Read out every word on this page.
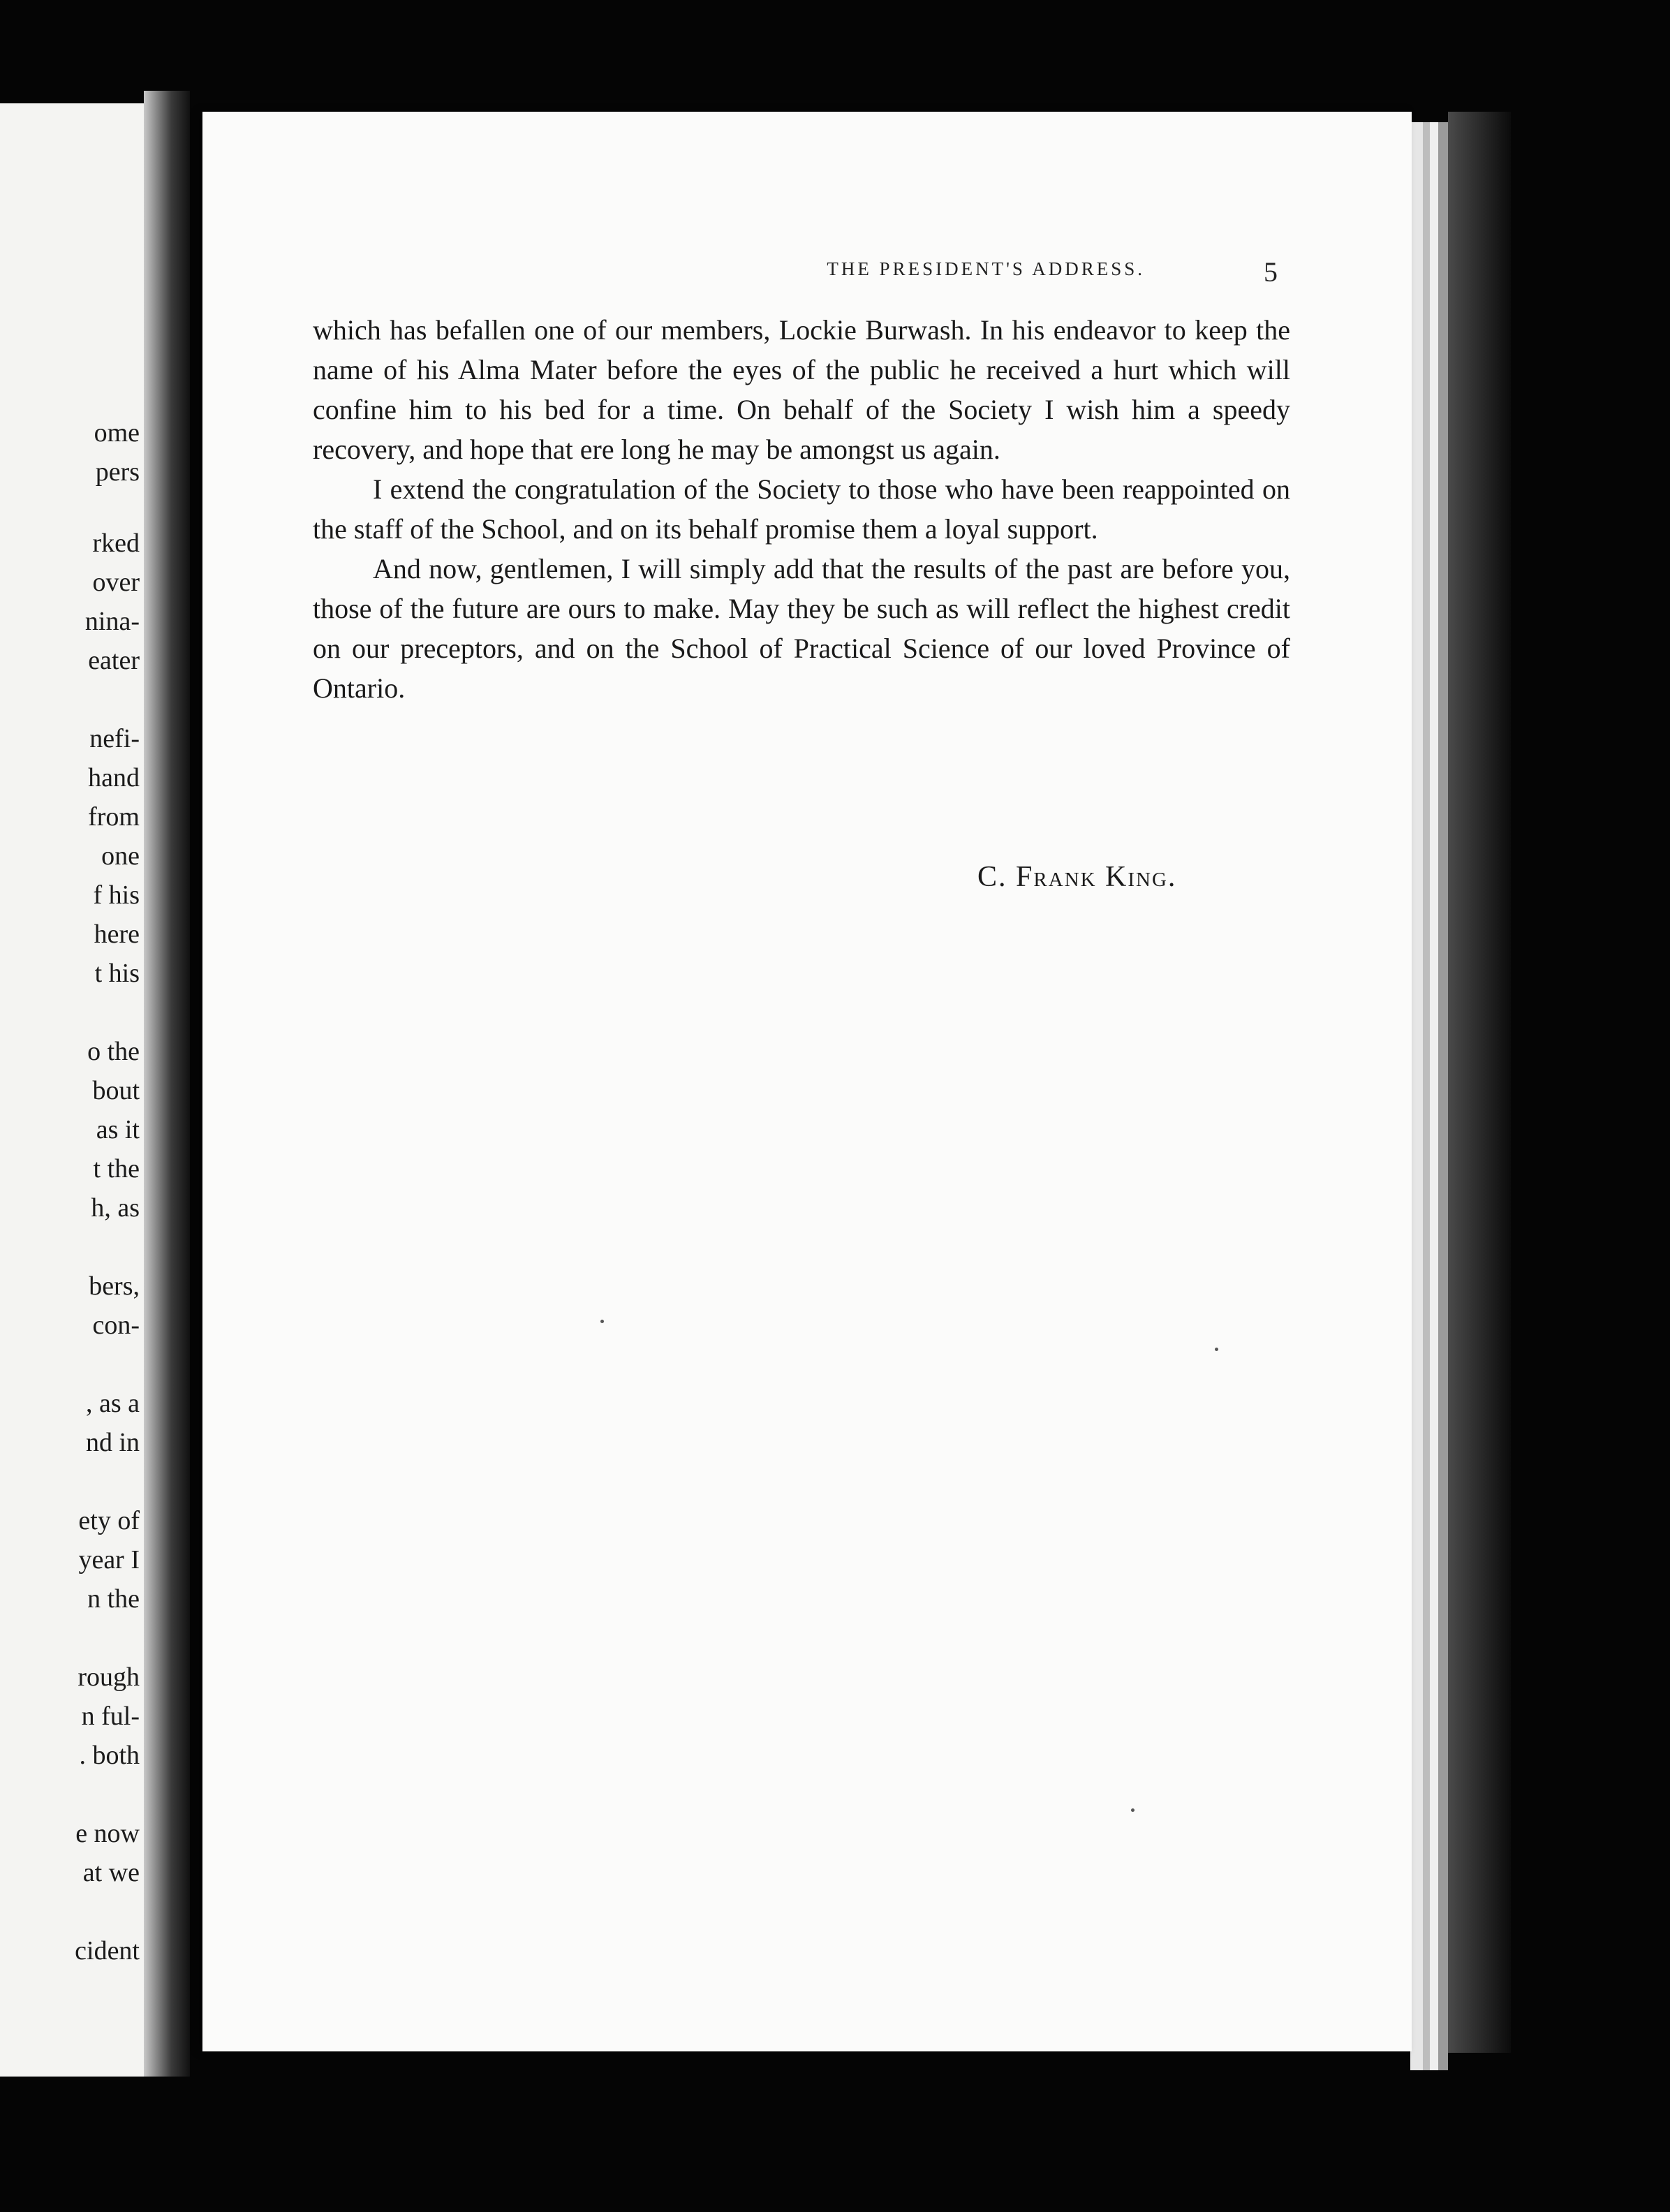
ome
pers
rked
over
nina-
eater
nefi-
hand
from
one
f his
here
t his
o the
bout
as it
t the
h, as
bers,
con-
, as a
nd in
ety of
year I
n the
rough
n ful-
. both
e now
at we
cident
THE PRESIDENT'S ADDRESS.	5

which has befallen one of our members, Lockie Burwash. In his endeavor to keep the name of his Alma Mater before the eyes of the public he received a hurt which will confine him to his bed for a time. On behalf of the Society I wish him a speedy recovery, and hope that ere long he may be amongst us again.

I extend the congratulation of the Society to those who have been reappointed on the staff of the School, and on its behalf promise them a loyal support.

And now, gentlemen, I will simply add that the results of the past are before you, those of the future are ours to make. May they be such as will reflect the highest credit on our preceptors, and on the School of Practical Science of our loved Province of Ontario.

C. Frank King.
